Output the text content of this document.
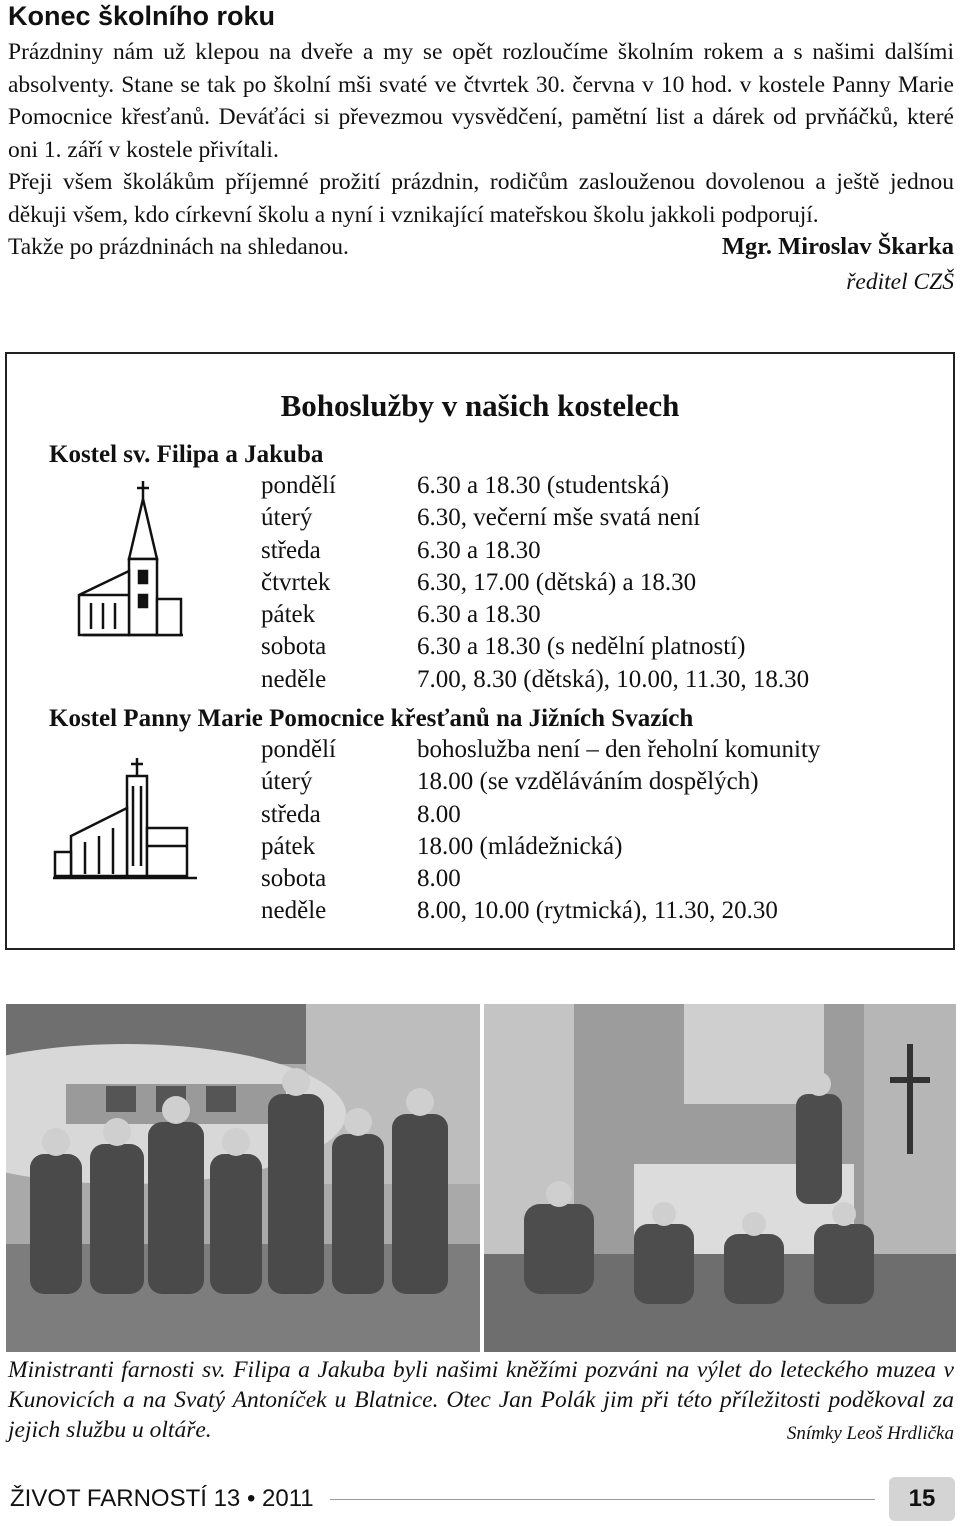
Konec školního roku

Prázdniny nám už klepou na dveře a my se opět rozloučíme školním rokem a s našimi dalšími absolventy. Stane se tak po školní mši svaté ve čtvrtek 30. června v 10 hod. v kostele Panny Marie Pomocnice křesťanů. Deváťáci si převezmou vysvědčení, pamětní list a dárek od prvňáčků, které oni 1. září v kostele přivítali.

Přeji všem školákům příjemné prožití prázdnin, rodičům zaslouženou dovolenou a ještě jednou děkuji všem, kdo církevní školu a nyní i vznikající mateřskou školu jakkoli podporují.

Takže po prázdninách na shledanou.	Mgr. Miroslav Škarka
ředitel CZŠ
Bohoslužby v našich kostelech
Kostel sv. Filipa a Jakuba
pondělí	6.30 a 18.30 (studentská)
úterý	6.30, večerní mše svatá není
středa	6.30 a 18.30
čtvrtek	6.30, 17.00 (dětská) a 18.30
pátek	6.30 a 18.30
sobota	6.30 a 18.30 (s nedělní platností)
neděle	7.00, 8.30 (dětská), 10.00, 11.30, 18.30
Kostel Panny Marie Pomocnice křesťanů na Jižních Svazích
pondělí	bohoslužba není – den řeholní komunity
úterý	18.00 (se vzděláváním dospělých)
středa	8.00
pátek	18.00 (mládežnická)
sobota	8.00
neděle	8.00, 10.00 (rytmická), 11.30, 20.30

Ministranti farnosti sv. Filipa a Jakuba byli našimi kněžími pozváni na výlet do leteckého muzea v Kunovicích a na Svatý Antoníček u Blatnice. Otec Jan Polák jim při této příležitosti poděkoval za jejich službu u oltáře.	Snímky Leoš Hrdlička

ŽIVOT FARNOSTÍ 13 • 2011	15
